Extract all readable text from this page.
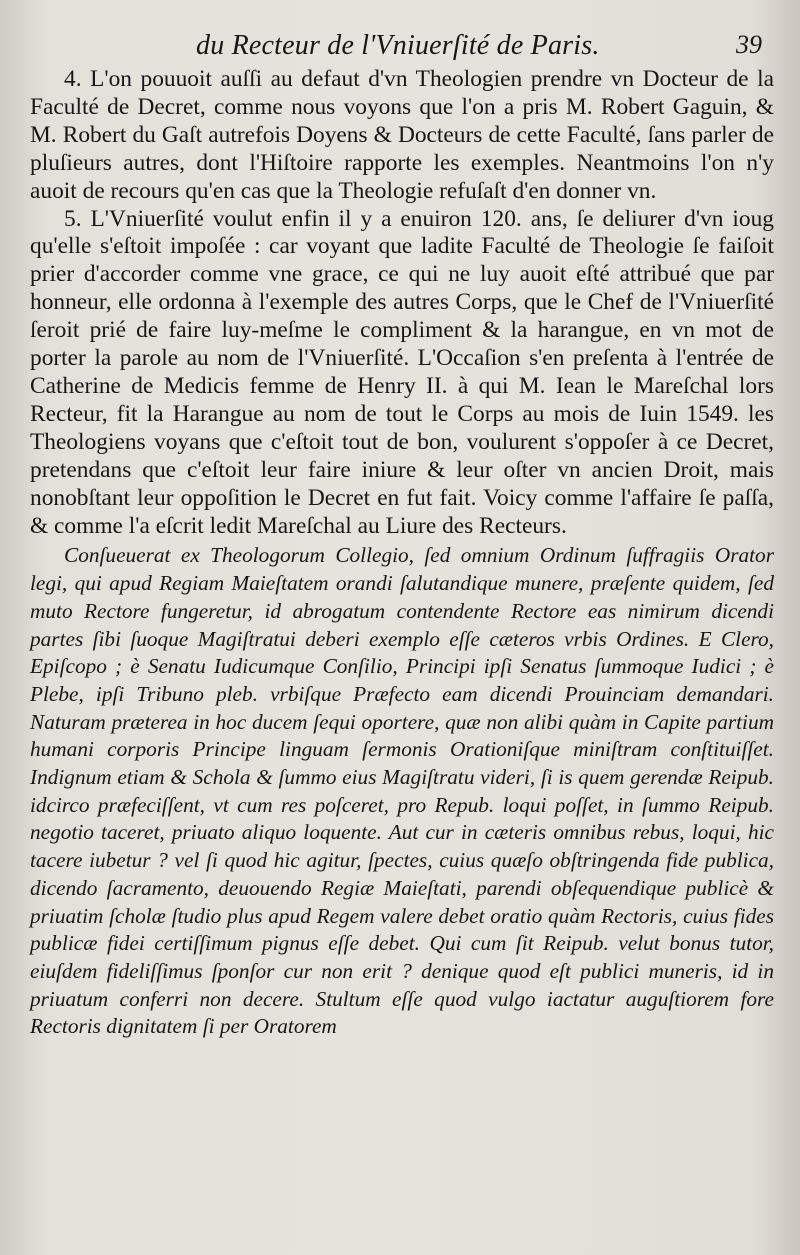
du Recteur de l'Vniuerſité de Paris.	39

4. L'on pouuoit auſſi au defaut d'vn Theologien prendre vn Docteur de la Faculté de Decret, comme nous voyons que l'on a pris M. Robert Gaguin, & M. Robert du Gaſt autrefois Doyens & Docteurs de cette Faculté, ſans parler de pluſieurs autres, dont l'Hiſtoire rapporte les exemples. Neantmoins l'on n'y auoit de recours qu'en cas que la Theologie refuſaſt d'en donner vn.

5. L'Vniuerſité voulut enfin il y a enuiron 120. ans, ſe deliurer d'vn ioug qu'elle s'eſtoit impoſée : car voyant que ladite Faculté de Theologie ſe faiſoit prier d'accorder comme vne grace, ce qui ne luy auoit eſté attribué que par honneur, elle ordonna à l'exemple des autres Corps, que le Chef de l'Vniuerſité ſeroit prié de faire luy-meſme le compliment & la harangue, en vn mot de porter la parole au nom de l'Vniuerſité. L'Occaſion s'en preſenta à l'entrée de Catherine de Medicis femme de Henry II. à qui M. Iean le Mareſchal lors Recteur, fit la Harangue au nom de tout le Corps au mois de Iuin 1549. les Theologiens voyans que c'eſtoit tout de bon, voulurent s'oppoſer à ce Decret, pretendans que c'eſtoit leur faire iniure & leur oſter vn ancien Droit, mais nonobſtant leur oppoſition le Decret en fut fait. Voicy comme l'affaire ſe paſſa, & comme l'a eſcrit ledit Mareſchal au Liure des Recteurs.

Conſueuerat ex Theologorum Collegio, ſed omnium Ordinum ſuffragiis Orator legi, qui apud Regiam Maieſtatem orandi ſalutandique munere, præſente quidem, ſed muto Rectore fungeretur, id abrogatum contendente Rectore eas nimirum dicendi partes ſibi ſuoque Magiſtratui deberi exemplo eſſe cæteros vrbis Ordines. E Clero, Epiſcopo ; è Senatu Iudicumque Conſilio, Principi ipſi Senatus ſummoque Iudici ; è Plebe, ipſi Tribuno pleb. vrbiſque Præfecto eam dicendi Prouinciam demandari. Naturam præterea in hoc ducem ſequi oportere, quæ non alibi quàm in Capite partium humani corporis Principe linguam ſermonis Orationiſque miniſtram conſtituiſſet. Indignum etiam & Schola & ſummo eius Magiſtratu videri, ſi is quem gerendæ Reipub. idcirco præfeciſſent, vt cum res poſceret, pro Repub. loqui poſſet, in ſummo Reipub. negotio taceret, priuato aliquo loquente. Aut cur in cæteris omnibus rebus, loqui, hic tacere iubetur ? vel ſi quod hic agitur, ſpectes, cuius quæſo obſtringenda fide publica, dicendo ſacramento, deuouendo Regiæ Maieſtati, parendi obſequendique publicè & priuatim ſcholæ ſtudio plus apud Regem valere debet oratio quàm Rectoris, cuius fides publicæ fidei certiſſimum pignus eſſe debet. Qui cum ſit Reipub. velut bonus tutor, eiuſdem fideliſſimus ſponſor cur non erit ? denique quod eſt publici muneris, id in priuatum conferri non decere. Stultum eſſe quod vulgo iactatur auguſtiorem fore Rectoris dignitatem ſi per Oratorem
